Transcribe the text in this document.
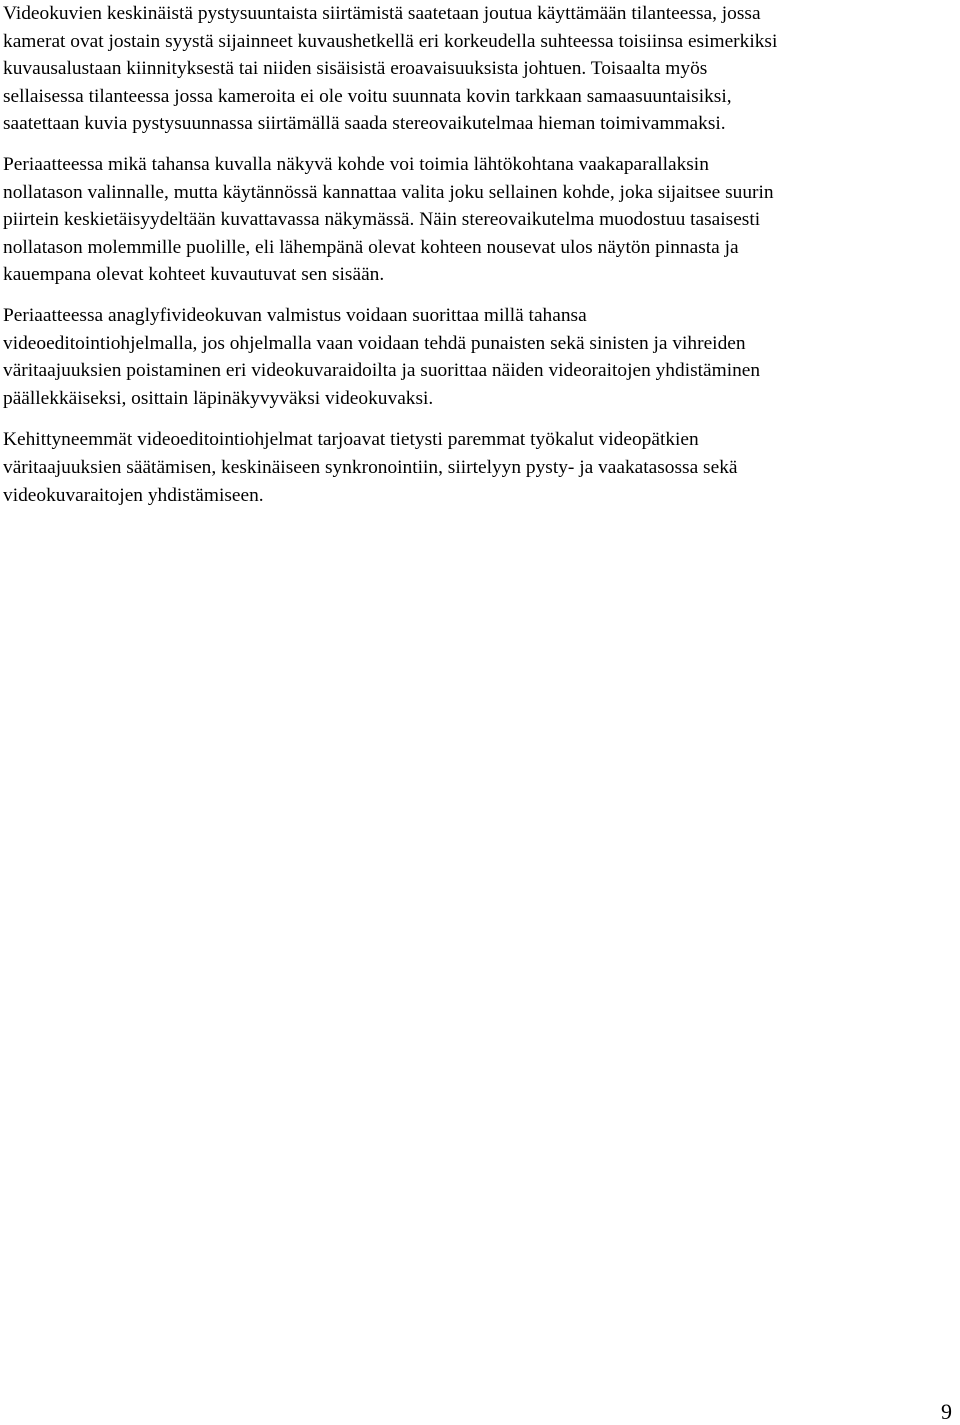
Videokuvien keskinäistä pystysuuntaista siirtämistä saatetaan joutua käyttämään tilanteessa, jossa
kamerat ovat jostain syystä sijainneet kuvaushetkellä eri korkeudella suhteessa toisiinsa esimerkiksi
kuvausalustaan kiinnityksestä tai niiden sisäisistä eroavaisuuksista johtuen. Toisaalta myös
sellaisessa tilanteessa jossa kameroita ei ole voitu suunnata kovin tarkkaan samaasuuntaisiksi,
saatettaan kuvia pystysuunnassa siirtämällä saada stereovaikutelmaa hieman toimivammaksi.

Periaatteessa mikä tahansa kuvalla näkyvä kohde voi toimia lähtökohtana vaakaparallaksin
nollatason valinnalle, mutta käytännössä kannattaa valita joku sellainen kohde, joka sijaitsee suurin
piirtein keskietäisyydeltään kuvattavassa näkymässä. Näin stereovaikutelma muodostuu tasaisesti
nollatason molemmille puolille, eli lähempänä olevat kohteen nousevat ulos näytön pinnasta ja
kauempana olevat kohteet kuvautuvat sen sisään.

Periaatteessa anaglyfivideokuvan valmistus voidaan suorittaa millä tahansa
videoeditointiohjelmalla, jos ohjelmalla vaan voidaan tehdä punaisten sekä sinisten ja vihreiden
väritaajuuksien poistaminen eri videokuvaraidoilta ja suorittaa näiden videoraitojen yhdistäminen
päällekkäiseksi, osittain läpinäkyvyväksi videokuvaksi.

Kehittyneemmät videoeditointiohjelmat tarjoavat tietysti paremmat työkalut videopätkien
väritaajuuksien säätämisen, keskinäiseen synkronointiin, siirtelyyn pysty- ja vaakatasossa sekä
videokuvaraitojen yhdistämiseen.

9
